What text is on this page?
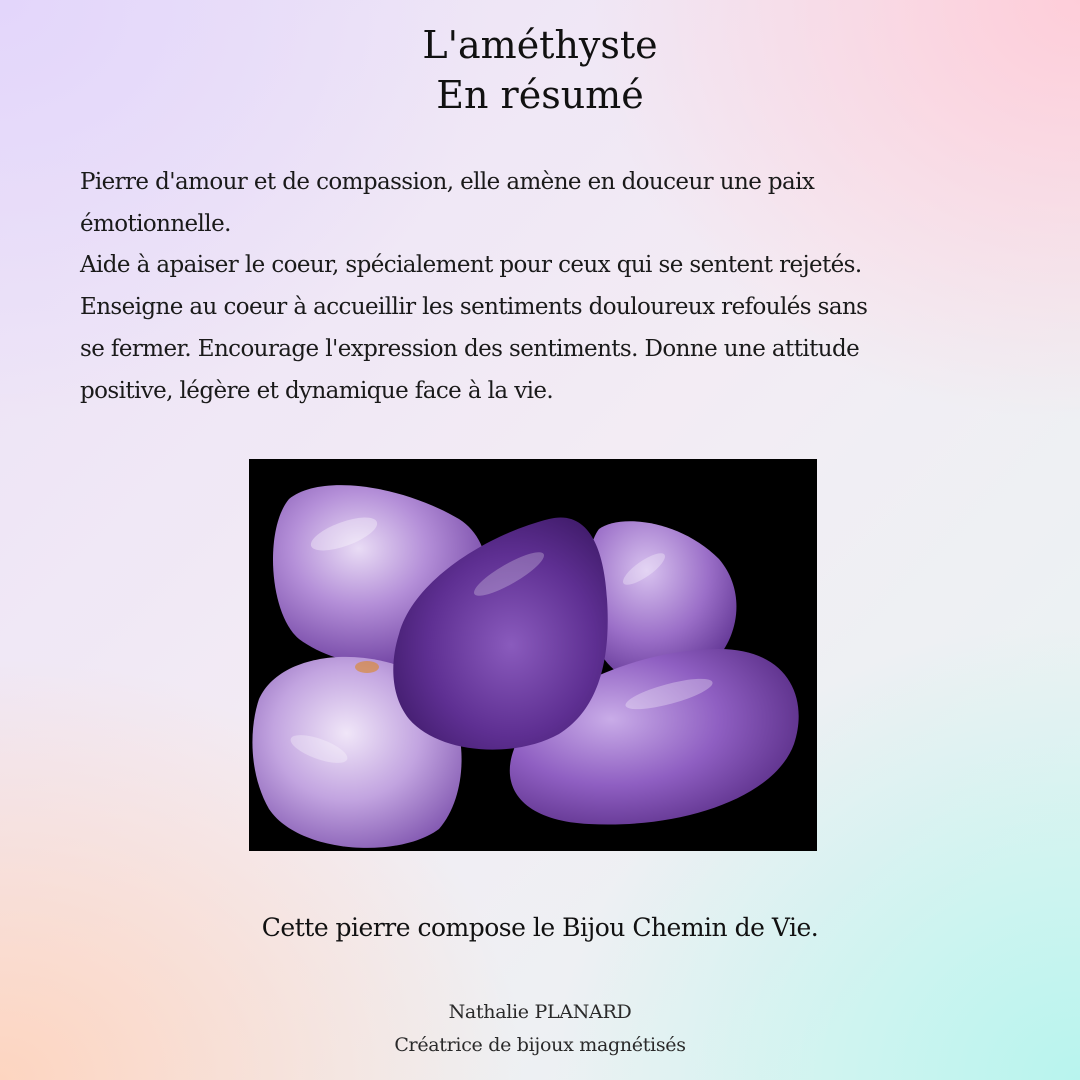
L'améthyste
En résumé

Pierre d'amour et de compassion, elle amène en douceur une paix émotionnelle.

Aide à apaiser le coeur, spécialement pour ceux qui se sentent rejetés. Enseigne au coeur à accueillir les sentiments douloureux refoulés sans se fermer. Encourage l'expression des sentiments. Donne une attitude positive, légère et dynamique face à la vie.

Cette pierre compose le Bijou Chemin de Vie.
Nathalie PLANARD
Créatrice de bijoux magnétisés
